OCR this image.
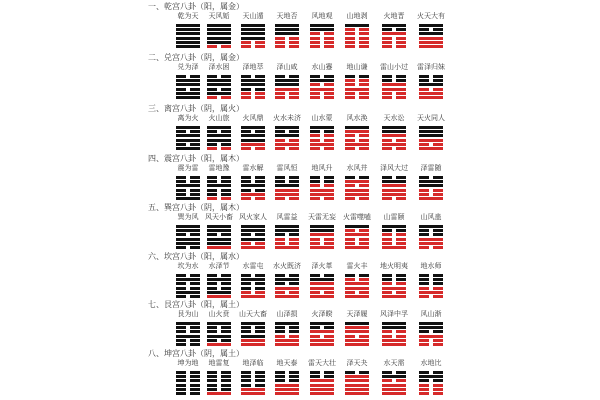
一、乾宫八卦（阳，属金）
乾为天	天风姤	天山遁	天地否	风地观	山地剥	火地晋	火天大有
二、兑宫八卦（阴，属金）
兑为泽	泽水困	泽地萃	泽山咸	水山蹇	地山谦	雷山小过	雷泽归妹
三、离宫八卦（阴，属火）
离为火	火山旅	火风鼎	火水未济	山水蒙	风水涣	天水讼	天火同人
四、震宫八卦（阳，属木）
震为雷	雷地豫	雷水解	雷风恒	地风升	水风井	泽风大过	泽雷随
五、巽宫八卦（阴，属木）
巽为风 风天小畜 风火家人	风雷益	天雷无妄	火雷噬嗑	山雷颐	山风蛊
六、坎宫八卦（阳，属水）
坎为水	水泽节	水雷屯	水火既济	泽火革	雷火丰	地火明夷	地水师
七、艮宫八卦（阳，属土）
艮为山	山火贲	山天大畜	山泽损	火泽睽	天泽履	风泽中孚	风山渐
八、坤宫八卦（阴，属土）
坤为地	地雷复	地泽临	地天泰	雷天大壮	泽天夬	水天需	水地比
